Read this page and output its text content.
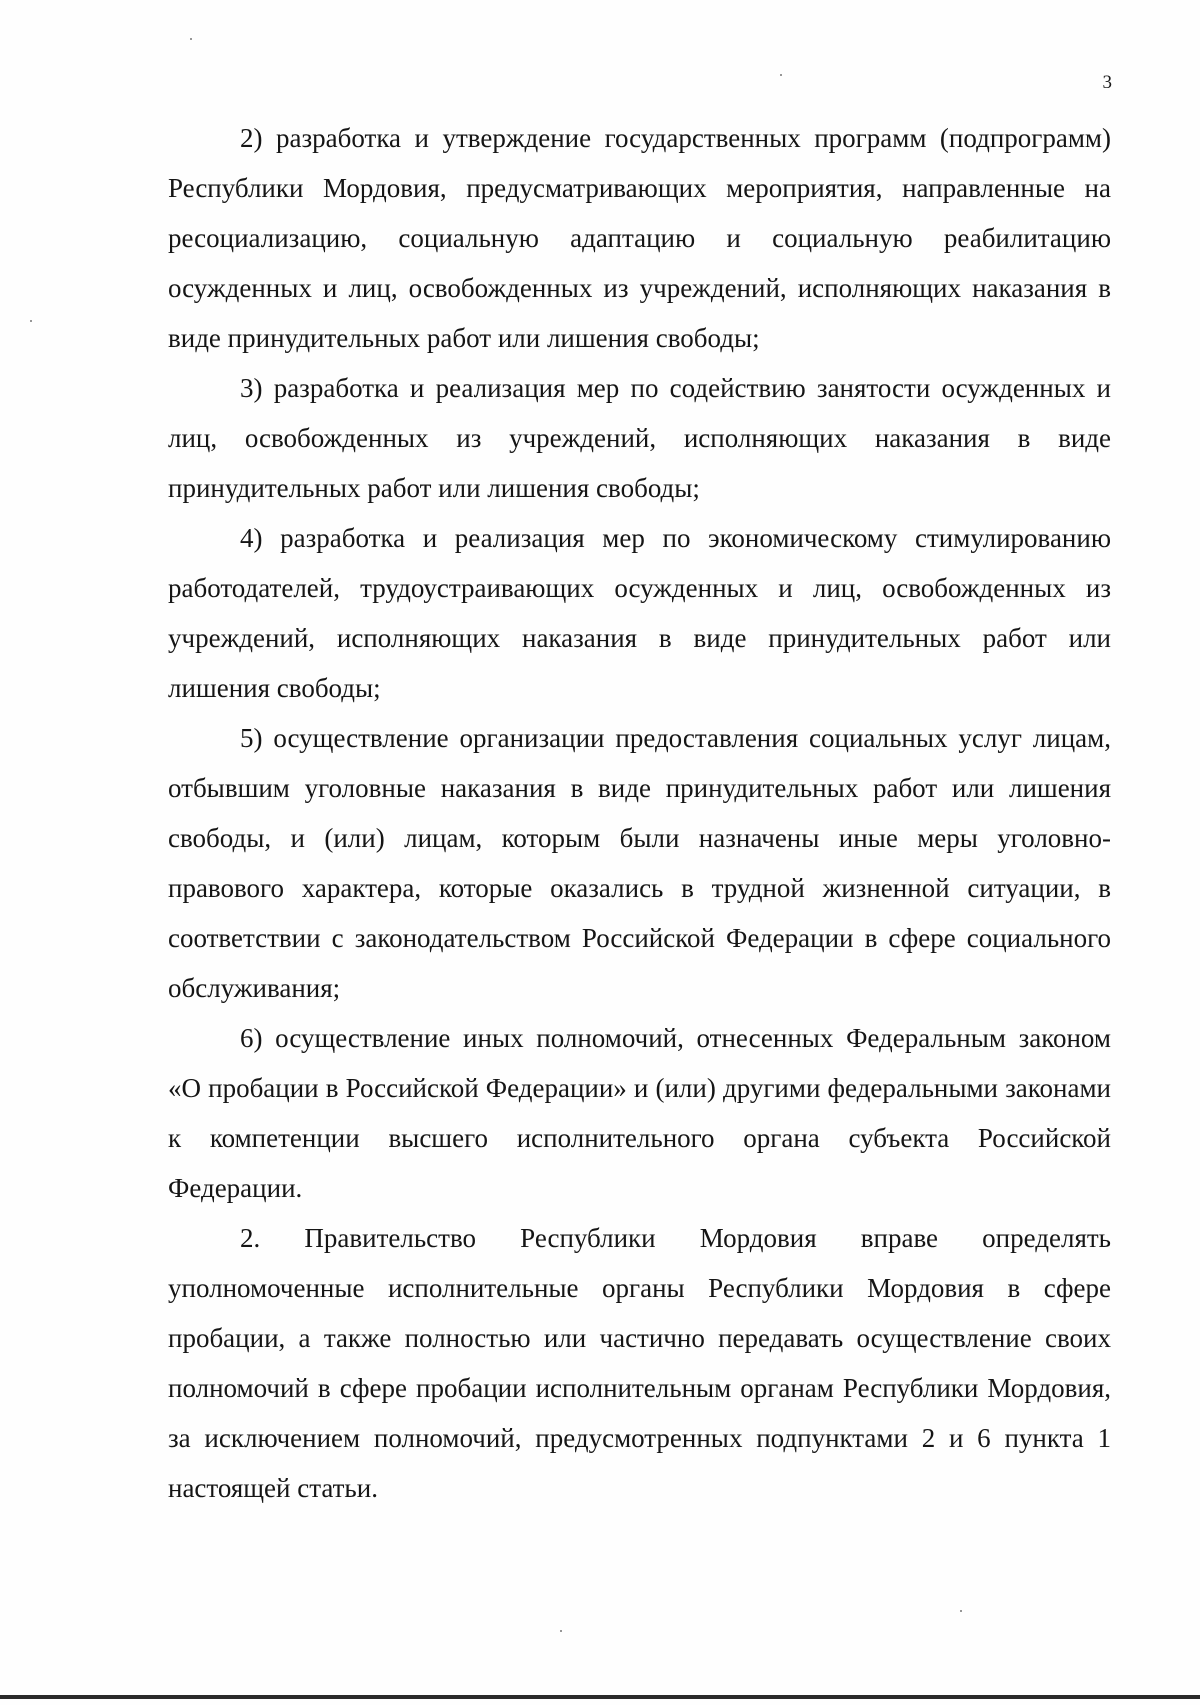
3

2) разработка и утверждение государственных программ (подпрограмм) Республики Мордовия, предусматривающих мероприятия, направленные на ресоциализацию, социальную адаптацию и социальную реабилитацию осужденных и лиц, освобожденных из учреждений, исполняющих наказания в виде принудительных работ или лишения свободы;

3) разработка и реализация мер по содействию занятости осужденных и лиц, освобожденных из учреждений, исполняющих наказания в виде принудительных работ или лишения свободы;

4) разработка и реализация мер по экономическому стимулированию работодателей, трудоустраивающих осужденных и лиц, освобожденных из учреждений, исполняющих наказания в виде принудительных работ или лишения свободы;

5) осуществление организации предоставления социальных услуг лицам, отбывшим уголовные наказания в виде принудительных работ или лишения свободы, и (или) лицам, которым были назначены иные меры уголовно-правового характера, которые оказались в трудной жизненной ситуации, в соответствии с законодательством Российской Федерации в сфере социального обслуживания;

6) осуществление иных полномочий, отнесенных Федеральным законом «О пробации в Российской Федерации» и (или) другими федеральными законами к компетенции высшего исполнительного органа субъекта Российской Федерации.

2. Правительство Республики Мордовия вправе определять уполномоченные исполнительные органы Республики Мордовия в сфере пробации, а также полностью или частично передавать осуществление своих полномочий в сфере пробации исполнительным органам Республики Мордовия, за исключением полномочий, предусмотренных подпунктами 2 и 6 пункта 1 настоящей статьи.
